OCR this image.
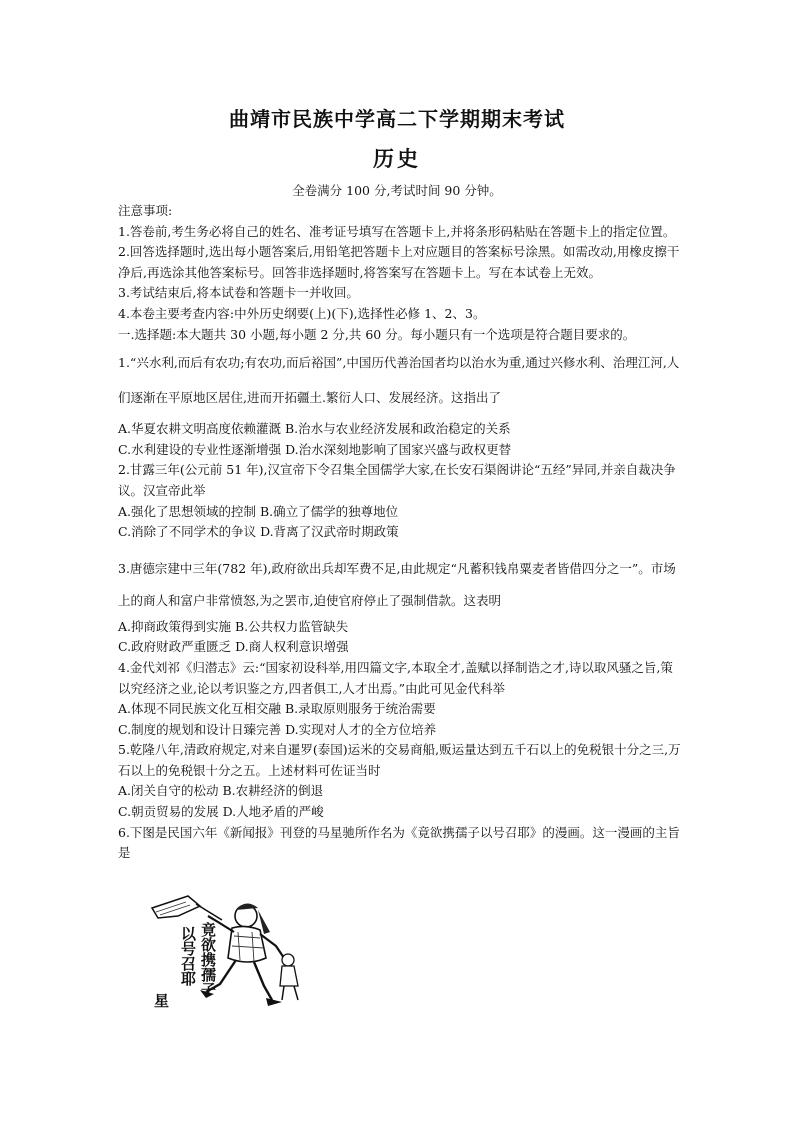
曲靖市民族中学高二下学期期末考试
历史
全卷满分 100 分,考试时间 90 分钟。

注意事项:

1.答卷前,考生务必将自己的姓名、准考证号填写在答题卡上,并将条形码粘贴在答题卡上的指定位置。

2.回答选择题时,选出每小题答案后,用铅笔把答题卡上对应题目的答案标号涂黑。如需改动,用橡皮擦干净后,再选涂其他答案标号。回答非选择题时,将答案写在答题卡上。写在本试卷上无效。

3.考试结束后,将本试卷和答题卡一并收回。

4.本卷主要考查内容:中外历史纲要(上)(下),选择性必修 1、2、3。

一.选择题:本大题共 30 小题,每小题 2 分,共 60 分。每小题只有一个选项是符合题目要求的。

1.“兴水利,而后有农功;有农功,而后裕国”,中国历代善治国者均以治水为重,通过兴修水利、治理江河,人们逐渐在平原地区居住,进而开拓疆土.繁衍人口、发展经济。这指出了

A.华夏农耕文明高度依赖灌溉 B.治水与农业经济发展和政治稳定的关系

C.水利建设的专业性逐渐增强 D.治水深刻地影响了国家兴盛与政权更替

2.甘露三年(公元前 51 年),汉宣帝下令召集全国儒学大家,在长安石渠阁讲论“五经”异同,并亲自裁决争议。汉宣帝此举

A.强化了思想领域的控制 B.确立了儒学的独尊地位

C.消除了不同学术的争议 D.背离了汉武帝时期政策

3.唐德宗建中三年(782 年),政府欲出兵却军费不足,由此规定“凡蓄积钱帛粟麦者皆借四分之一”。市场上的商人和富户非常愤怒,为之罢市,迫使官府停止了强制借款。这表明

A.抑商政策得到实施 B.公共权力监管缺失

C.政府财政严重匮乏 D.商人权利意识增强

4.金代刘祁《归潜志》云:“国家初设科举,用四篇文字,本取全才,盖赋以择制诰之才,诗以取风骚之旨,策以究经济之业,论以考识鉴之方,四者俱工,人才出焉。”由此可见金代科举

A.体现不同民族文化互相交融 B.录取原则服务于统治需要

C.制度的规划和设计日臻完善 D.实现对人才的全方位培养

5.乾隆八年,清政府规定,对来自暹罗(泰国)运米的交易商船,贩运量达到五千石以上的免税银十分之三,万石以上的免税银十分之五。上述材料可佐证当时

A.闭关自守的松动 B.农耕经济的倒退

C.朝贡贸易的发展 D.人地矛盾的严峻

6.下图是民国六年《新闻报》刊登的马星驰所作名为《竟欲携孺子以号召耶》的漫画。这一漫画的主旨是

星
竟欲携孺子
以号召耶
